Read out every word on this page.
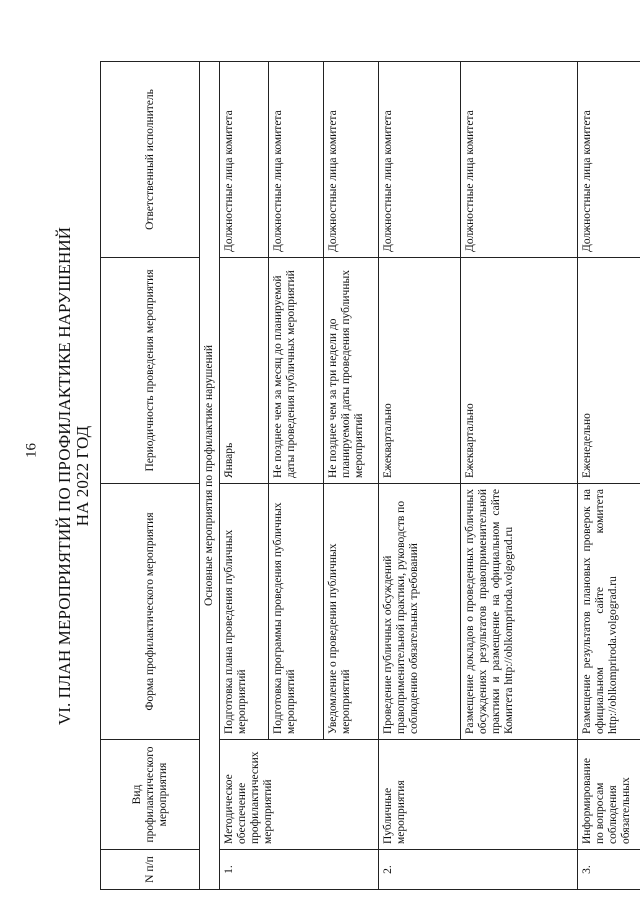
16 VI. ПЛАН МЕРОПРИЯТИЙ ПО ПРОФИЛАКТИКЕ НАРУШЕНИЙ НА 2022 ГОД
N п/п	Вид профилактического мероприятия	Форма профилактического мероприятия	Периодичность проведения мероприятия	Ответственный исполнитель
Основные мероприятия по профилактике нарушений				
1.	Методическое обеспечение профилактических мероприятий	Подготовка плана проведения публичных мероприятий	Январь	Должностные лица комитета
		Подготовка программы проведения публичных мероприятий	Не позднее чем за месяц до планируемой даты проведения публичных мероприятий	Должностные лица комитета
		Уведомление о проведении публичных мероприятий	Не позднее чем за три недели до планируемой даты проведения публичных мероприятий	Должностные лица комитета
2.	Публичные мероприятия	Проведение публичных обсуждений правоприменительной практики, руководств по соблюдению обязательных требований	Ежеквартально	Должностные лица комитета
		Размещение докладов о проведенных публичных обсуждениях результатов правоприменительной практики и размещение на официальном сайте Комитета http://oblkompriroda.volgograd.ru	Ежеквартально	Должностные лица комитета
3.	Информирование по вопросам соблюдения обязательных	Размещение результатов плановых проверок на официальном сайте комитета http://oblkompriroda.volgograd.ru	Еженедельно	Должностные лица комитета
